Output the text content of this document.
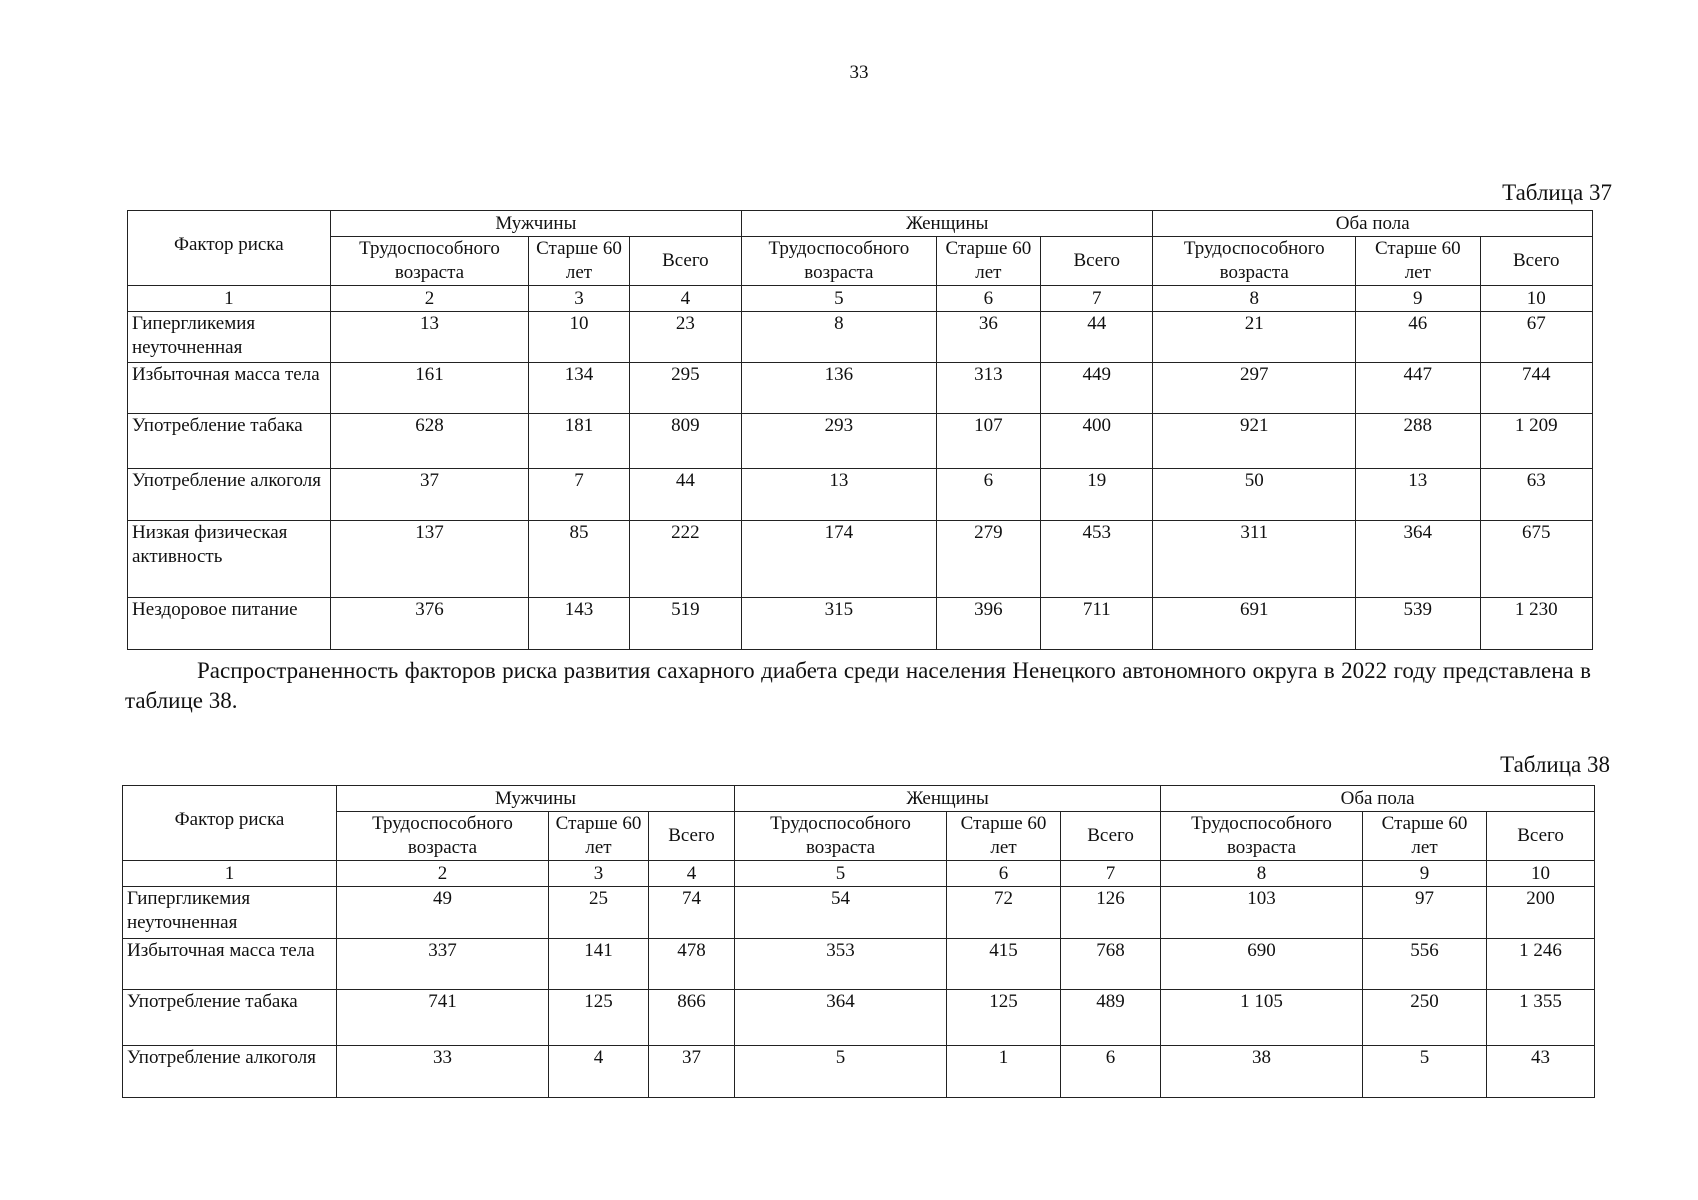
33
Таблица 37
Фактор риска	Мужчины			Женщины			Оба пола		
	Трудоспособного возраста	Старше 60 лет	Всего	Трудоспособного возраста	Старше 60 лет	Всего	Трудоспособного возраста	Старше 60 лет	Всего
1	2	3	4	5	6	7	8	9	10
Гипергликемия неуточненная	13	10	23	8	36	44	21	46	67
Избыточная масса тела	161	134	295	136	313	449	297	447	744
Употребление табака	628	181	809	293	107	400	921	288	1 209
Употребление алкоголя	37	7	44	13	6	19	50	13	63
Низкая физическая активность	137	85	222	174	279	453	311	364	675
Нездоровое питание	376	143	519	315	396	711	691	539	1 230

Распространенность факторов риска развития сахарного диабета среди населения Ненецкого автономного округа в 2022 году представлена в таблице 38.

Таблица 38
Фактор риска	Мужчины			Женщины			Оба пола		
	Трудоспособного возраста	Старше 60 лет	Всего	Трудоспособного возраста	Старше 60 лет	Всего	Трудоспособного возраста	Старше 60 лет	Всего
1	2	3	4	5	6	7	8	9	10
Гипергликемия неуточненная	49	25	74	54	72	126	103	97	200
Избыточная масса тела	337	141	478	353	415	768	690	556	1 246
Употребление табака	741	125	866	364	125	489	1 105	250	1 355
Употребление алкоголя	33	4	37	5	1	6	38	5	43
